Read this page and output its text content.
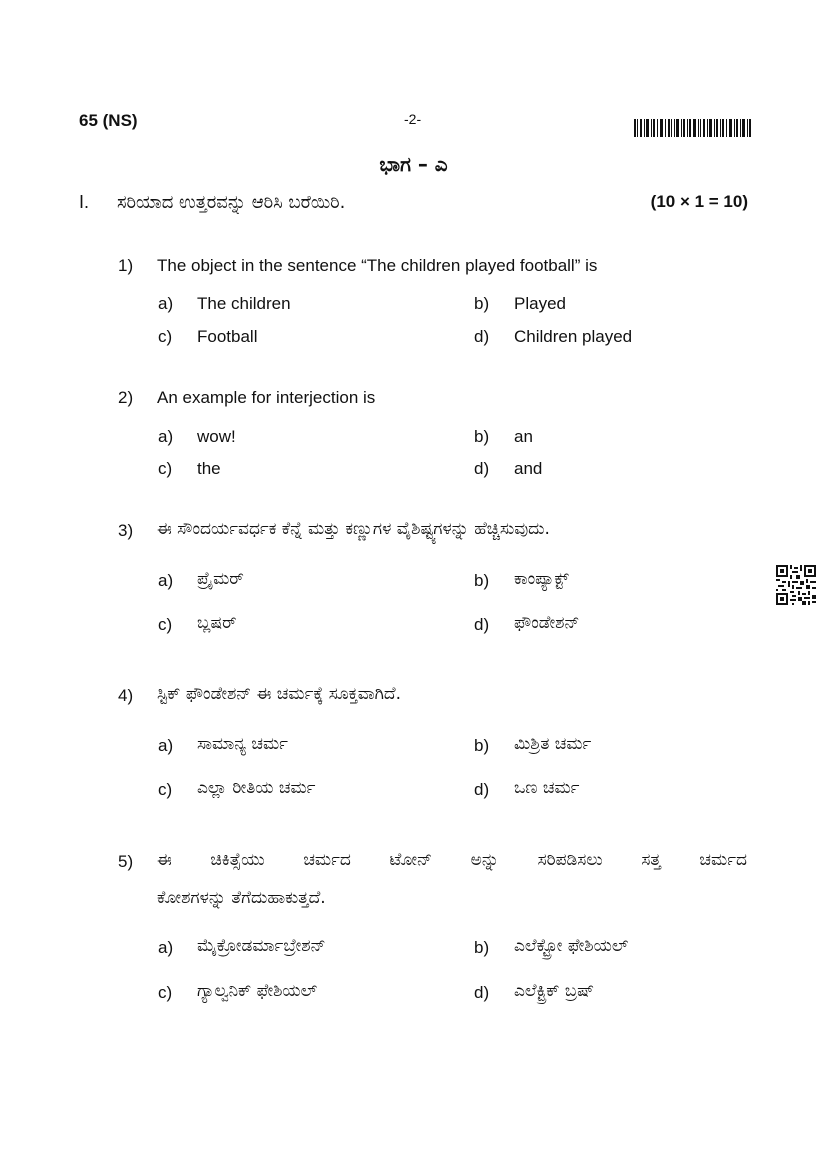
65 (NS)	-2-
ಭಾಗ – ಎ
I. ಸರಿಯಾದ ಉತ್ತರವನ್ನು ಆರಿಸಿ ಬರೆಯಿರಿ.	(10 × 1 = 10)
1) The object in the sentence “The children played football” is
a) The children	b) Played
c) Football	d) Children played
2) An example for interjection is
a) wow!	b) an
c) the	d) and
3) ಈ ಸೌಂದರ್ಯವರ್ಧಕ ಕೆನ್ನೆ ಮತ್ತು ಕಣ್ಣುಗಳ ವೈಶಿಷ್ಟ್ಯಗಳನ್ನು ಹೆಚ್ಚಿಸುವುದು.
a) ಪ್ರೈಮರ್	b) ಕಾಂಪ್ಯಾಕ್ಟ್
c) ಬ್ಲಷರ್	d) ಫೌಂಡೇಶನ್
4) ಸ್ಟಿಕ್ ಫೌಂಡೇಶನ್ ಈ ಚರ್ಮಕ್ಕೆ ಸೂಕ್ತವಾಗಿದೆ.
a) ಸಾಮಾನ್ಯ ಚರ್ಮ	b) ಮಿಶ್ರಿತ ಚರ್ಮ
c) ಎಲ್ಲಾ ರೀತಿಯ ಚರ್ಮ	d) ಒಣ ಚರ್ಮ
5) ಈ ಚಿಕಿತ್ಸೆಯು ಚರ್ಮದ ಟೋನ್ ಅನ್ನು ಸರಿಪಡಿಸಲು ಸತ್ತ ಚರ್ಮದ
ಕೋಶಗಳನ್ನು ತೆಗೆದುಹಾಕುತ್ತದೆ.
a) ಮೈಕ್ರೋಡರ್ಮಾಬ್ರೇಶನ್	b) ಎಲೆಕ್ಟ್ರೋ ಫೇಶಿಯಲ್
c) ಗ್ಯಾಲ್ವನಿಕ್ ಫೇಶಿಯಲ್	d) ಎಲೆಕ್ಟ್ರಿಕ್ ಬ್ರಷ್
